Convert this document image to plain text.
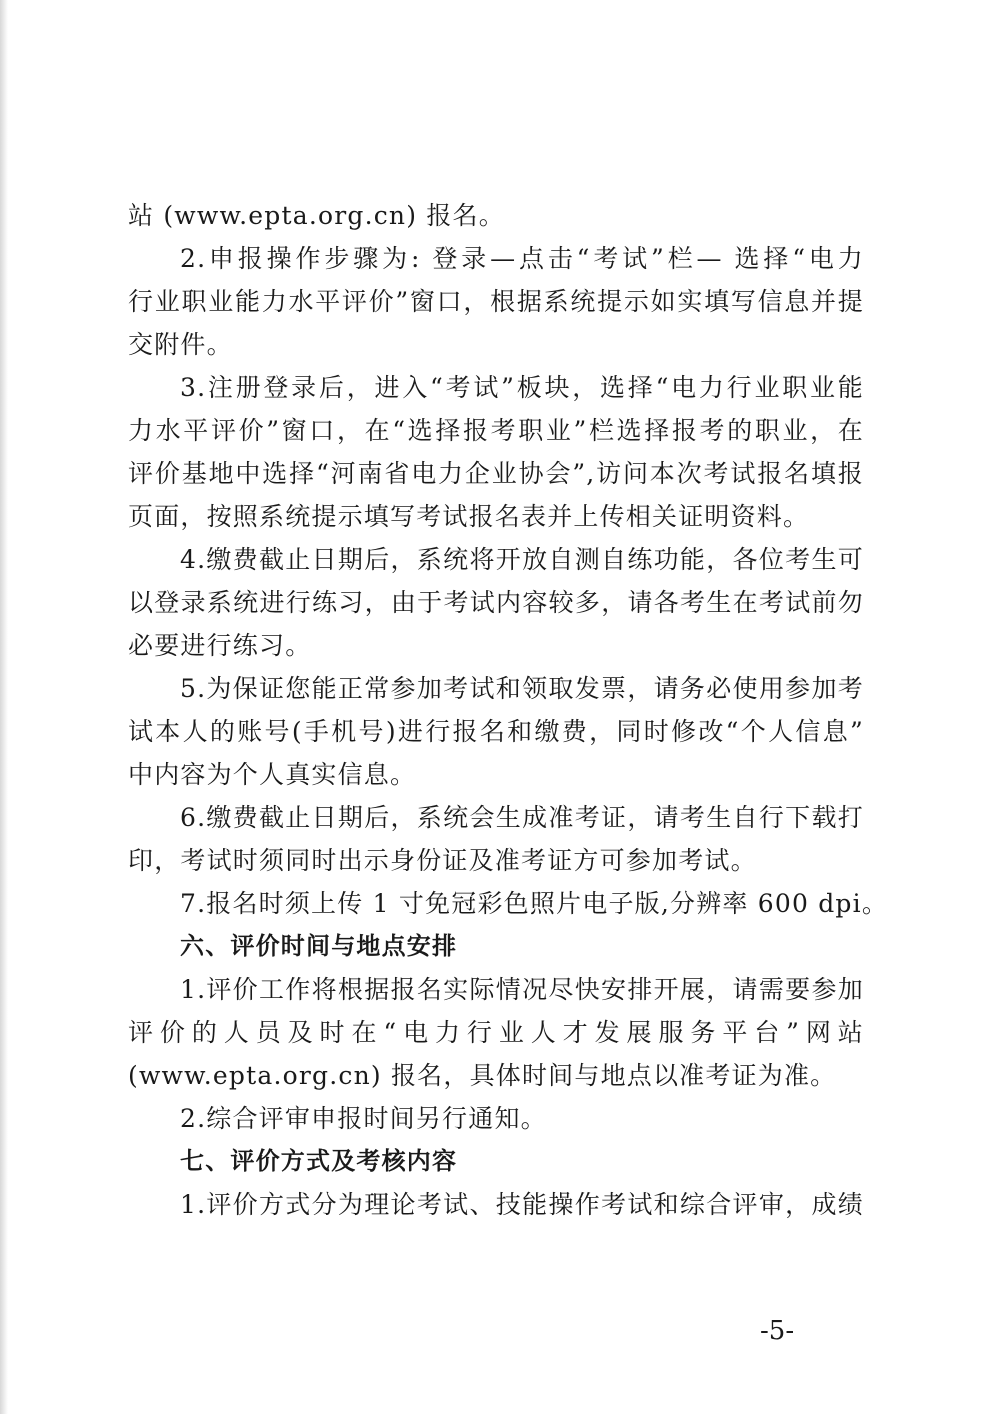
站 (www.epta.org.cn) 报名。
2.申报操作步骤为: 登录—点击“考试”栏— 选择“电力
行业职业能力水平评价”窗口，根据系统提示如实填写信息并提
交附件。
3.注册登录后，进入“考试”板块，选择“电力行业职业能
力水平评价”窗口，在“选择报考职业”栏选择报考的职业，在
评价基地中选择“河南省电力企业协会”,访问本次考试报名填报
页面，按照系统提示填写考试报名表并上传相关证明资料。
4.缴费截止日期后，系统将开放自测自练功能，各位考生可
以登录系统进行练习，由于考试内容较多，请各考生在考试前勿
必要进行练习。
5.为保证您能正常参加考试和领取发票，请务必使用参加考
试本人的账号(手机号)进行报名和缴费，同时修改“个人信息”
中内容为个人真实信息。
6.缴费截止日期后，系统会生成准考证，请考生自行下载打
印，考试时须同时出示身份证及准考证方可参加考试。
7.报名时须上传 1 寸免冠彩色照片电子版,分辨率 600 dpi。
六、评价时间与地点安排
1.评价工作将根据报名实际情况尽快安排开展，请需要参加
评价的人员及时在“电力行业人才发展服务平台”网站
(www.epta.org.cn) 报名，具体时间与地点以准考证为准。
2.综合评审申报时间另行通知。
七、评价方式及考核内容
1.评价方式分为理论考试、技能操作考试和综合评审，成绩
-5-
